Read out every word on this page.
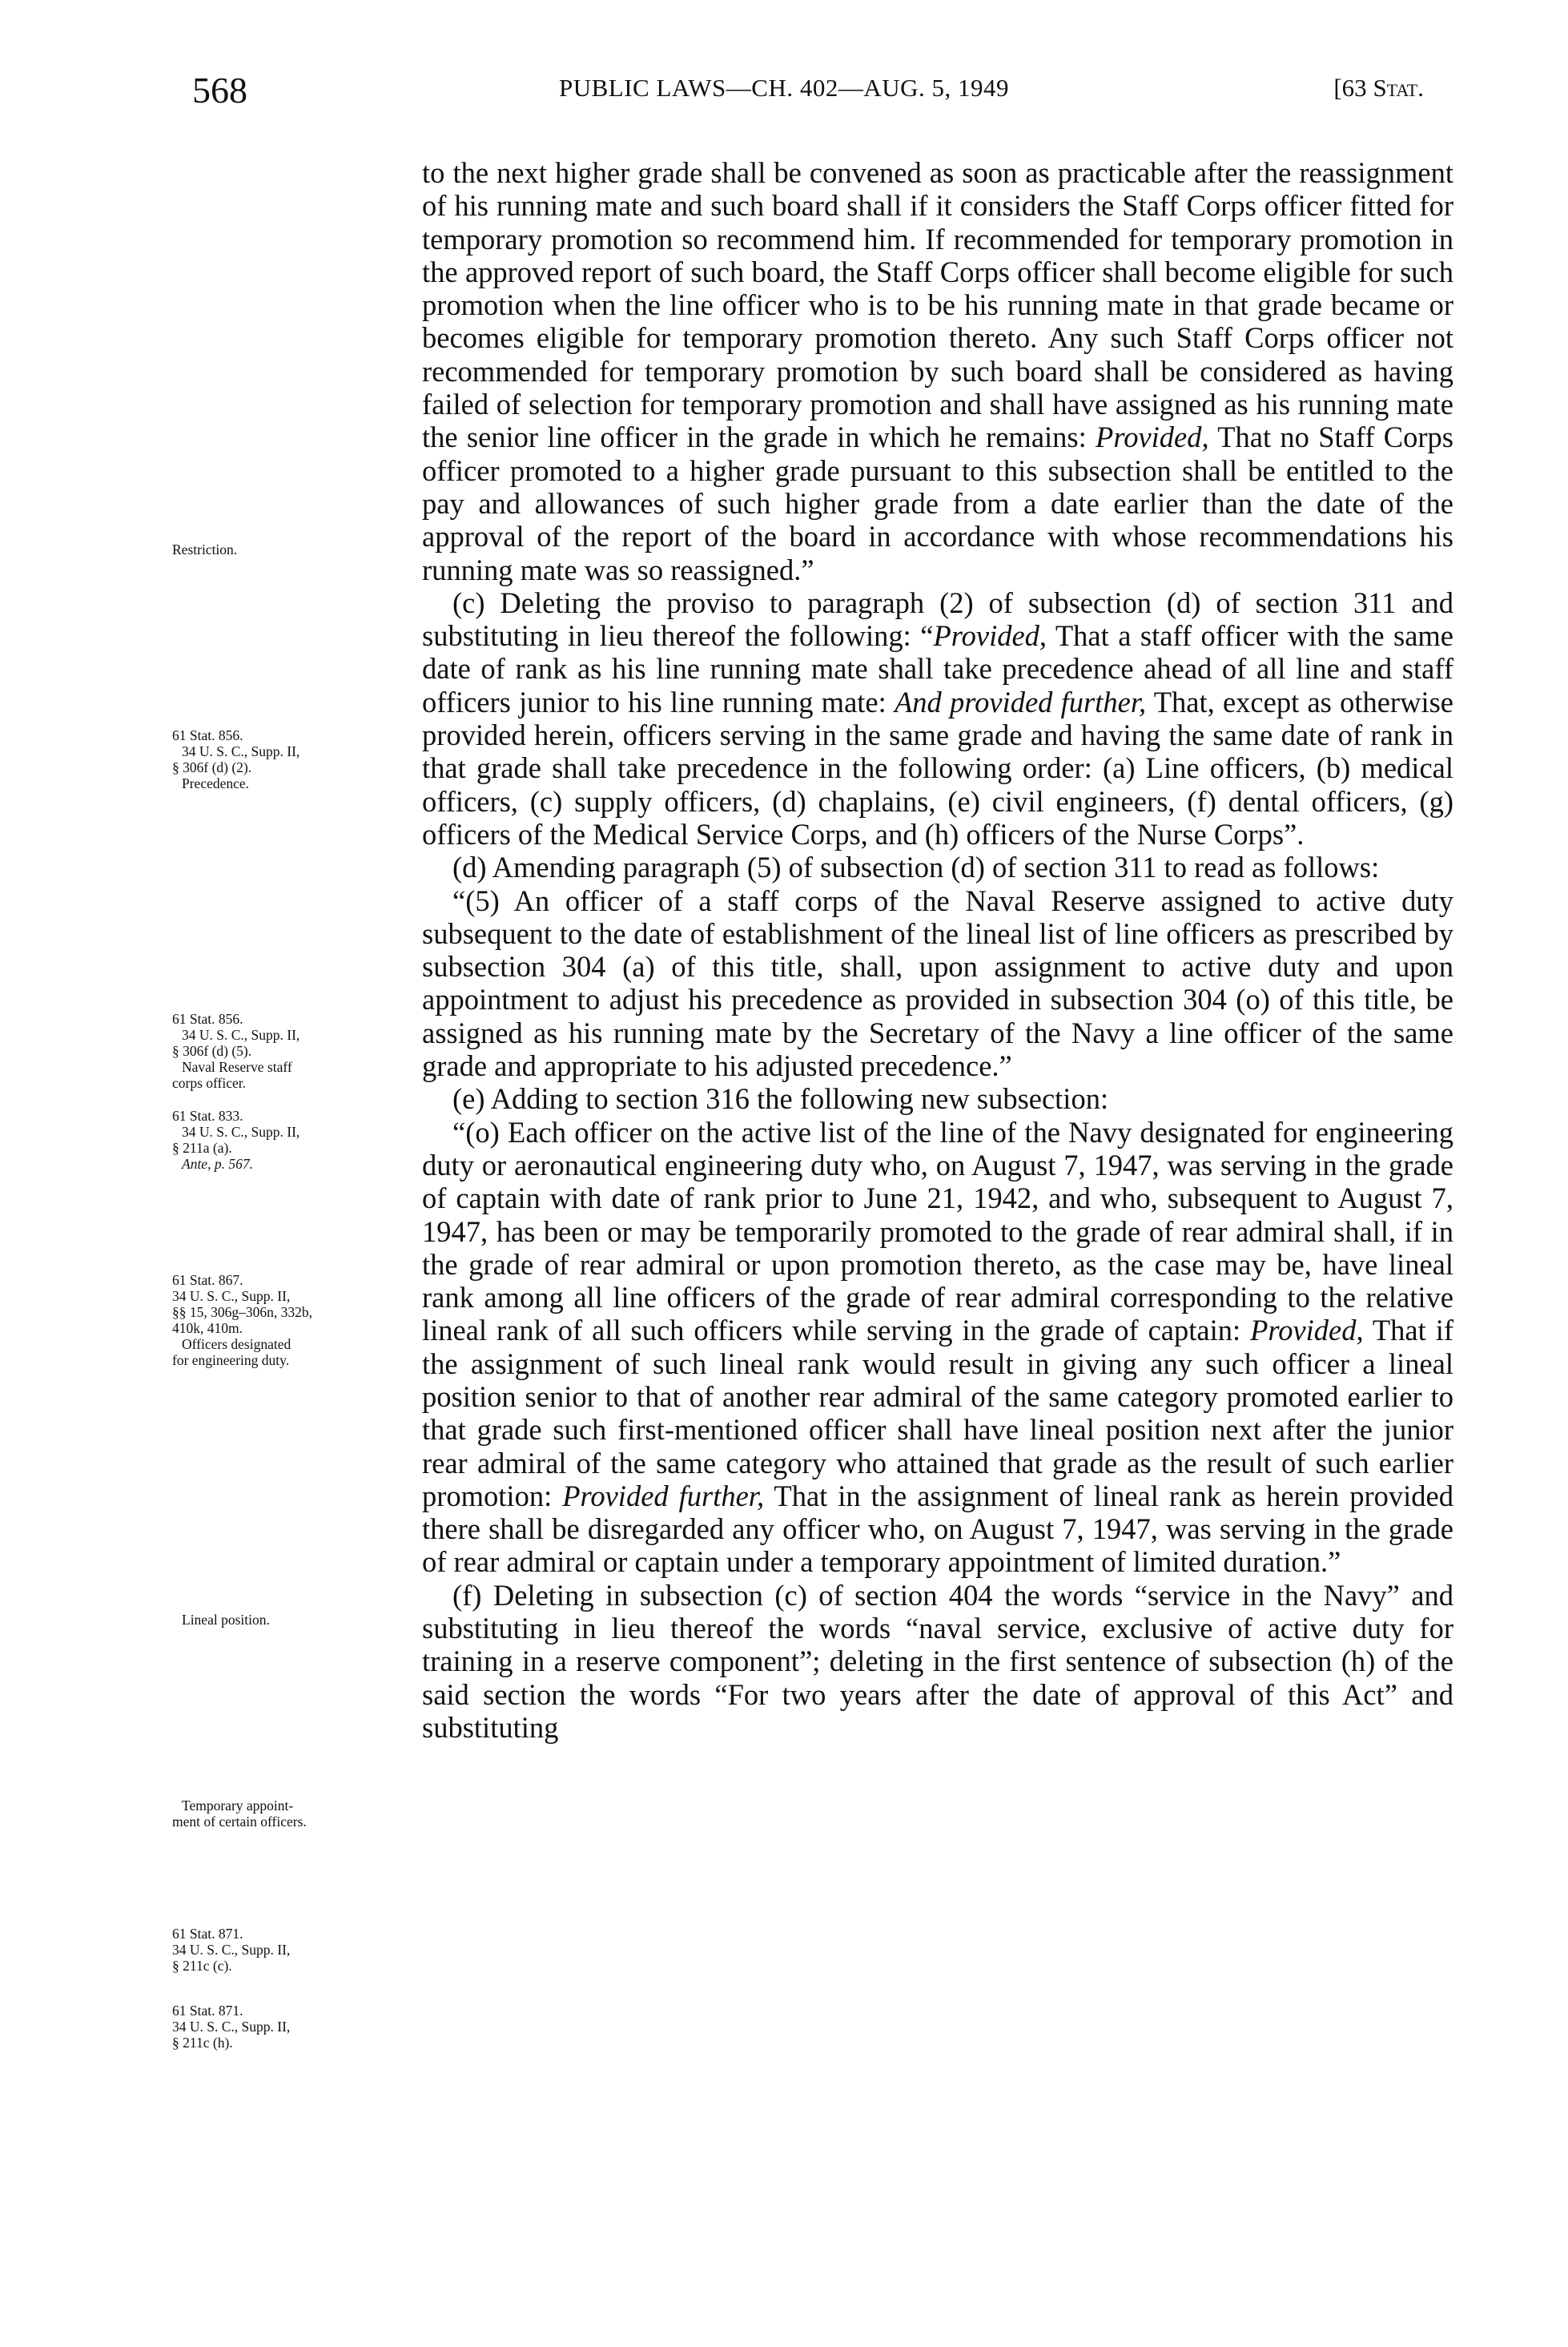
568	PUBLIC LAWS—CH. 402—AUG. 5, 1949	[63 Stat.

to the next higher grade shall be convened as soon as practicable after the reassignment of his running mate and such board shall if it considers the Staff Corps officer fitted for temporary promotion so recommend him. If recommended for temporary promotion in the approved report of such board, the Staff Corps officer shall become eligible for such promotion when the line officer who is to be his running mate in that grade became or becomes eligible for temporary promotion thereto. Any such Staff Corps officer not recommended for temporary promotion by such board shall be considered as having failed of selection for temporary promotion and shall have assigned as his running mate the senior line officer in the grade in which he remains: Provided, That no Staff Corps officer promoted to a higher grade pursuant to this subsection shall be entitled to the pay and allowances of such higher grade from a date earlier than the date of the approval of the report of the board in accordance with whose recommendations his running mate was so reassigned.”

(c) Deleting the proviso to paragraph (2) of subsection (d) of section 311 and substituting in lieu thereof the following: “Provided, That a staff officer with the same date of rank as his line running mate shall take precedence ahead of all line and staff officers junior to his line running mate: And provided further, That, except as otherwise provided herein, officers serving in the same grade and having the same date of rank in that grade shall take precedence in the following order: (a) Line officers, (b) medical officers, (c) supply officers, (d) chaplains, (e) civil engineers, (f) dental officers, (g) officers of the Medical Service Corps, and (h) officers of the Nurse Corps”.

(d) Amending paragraph (5) of subsection (d) of section 311 to read as follows:

“(5) An officer of a staff corps of the Naval Reserve assigned to active duty subsequent to the date of establishment of the lineal list of line officers as prescribed by subsection 304 (a) of this title, shall, upon assignment to active duty and upon appointment to adjust his precedence as provided in subsection 304 (o) of this title, be assigned as his running mate by the Secretary of the Navy a line officer of the same grade and appropriate to his adjusted precedence.”

(e) Adding to section 316 the following new subsection:

“(o) Each officer on the active list of the line of the Navy designated for engineering duty or aeronautical engineering duty who, on August 7, 1947, was serving in the grade of captain with date of rank prior to June 21, 1942, and who, subsequent to August 7, 1947, has been or may be temporarily promoted to the grade of rear admiral shall, if in the grade of rear admiral or upon promotion thereto, as the case may be, have lineal rank among all line officers of the grade of rear admiral corresponding to the relative lineal rank of all such officers while serving in the grade of captain: Provided, That if the assignment of such lineal rank would result in giving any such officer a lineal position senior to that of another rear admiral of the same category promoted earlier to that grade such first-mentioned officer shall have lineal position next after the junior rear admiral of the same category who attained that grade as the result of such earlier promotion: Provided further, That in the assignment of lineal rank as herein provided there shall be disregarded any officer who, on August 7, 1947, was serving in the grade of rear admiral or captain under a temporary appointment of limited duration.”

(f) Deleting in subsection (c) of section 404 the words “service in the Navy” and substituting in lieu thereof the words “naval service, exclusive of active duty for training in a reserve component”; deleting in the first sentence of subsection (h) of the said section the words “For two years after the date of approval of this Act” and substituting

Restriction.
61 Stat. 856.
34 U. S. C., Supp. II,
§ 306f (d) (2).
Precedence.
61 Stat. 856.
34 U. S. C., Supp. II,
§ 306f (d) (5).
Naval Reserve staff
corps officer.
61 Stat. 833.
34 U. S. C., Supp. II,
§ 211a (a).
Ante, p. 567.
61 Stat. 867.
34 U. S. C., Supp. II,
§§ 15, 306g–306n, 332b,
410k, 410m.
Officers designated
for engineering duty.
Lineal position.
Temporary appoint-
ment of certain officers.
61 Stat. 871.
34 U. S. C., Supp. II,
§ 211c (c).
61 Stat. 871.
34 U. S. C., Supp. II,
§ 211c (h).
